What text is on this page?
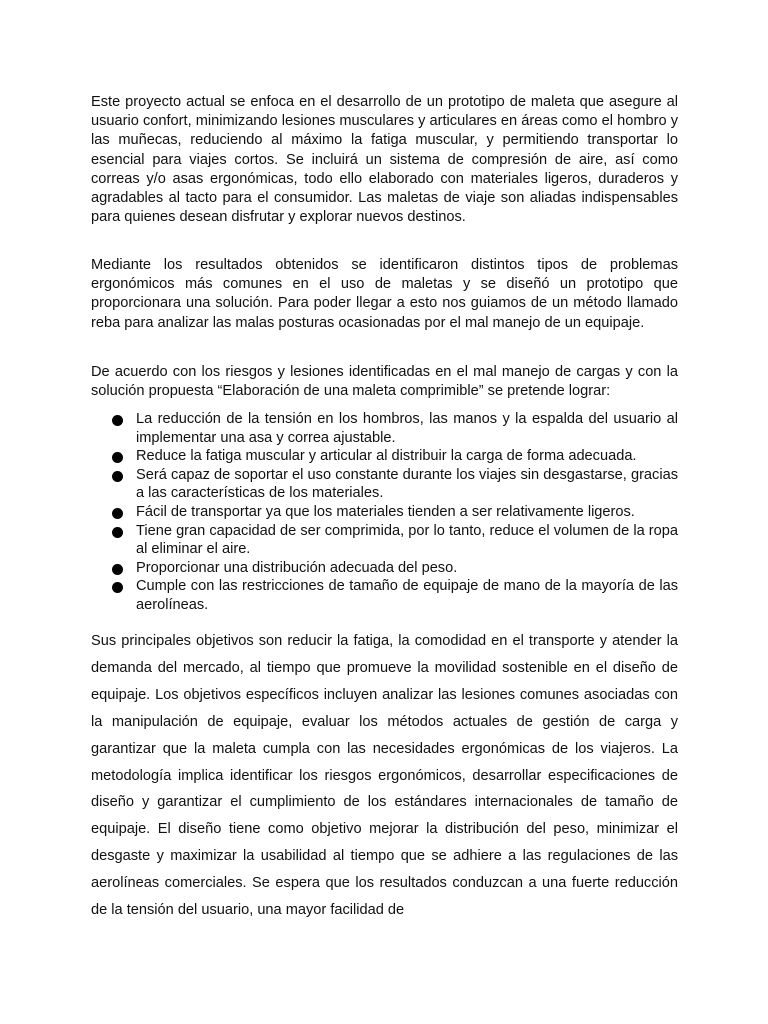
Este proyecto actual se enfoca en el desarrollo de un prototipo de maleta que asegure al usuario confort, minimizando lesiones musculares y articulares en áreas como el hombro y las muñecas, reduciendo al máximo la fatiga muscular, y permitiendo transportar lo esencial para viajes cortos. Se incluirá un sistema de compresión de aire, así como correas y/o asas ergonómicas, todo ello elaborado con materiales ligeros, duraderos y agradables al tacto para el consumidor. Las maletas de viaje son aliadas indispensables para quienes desean disfrutar y explorar nuevos destinos.

Mediante los resultados obtenidos se identificaron distintos tipos de problemas ergonómicos más comunes en el uso de maletas y se diseñó un prototipo que proporcionara una solución. Para poder llegar a esto nos guiamos de un método llamado reba para analizar las malas posturas ocasionadas por el mal manejo de un equipaje.

De acuerdo con los riesgos y lesiones identificadas en el mal manejo de cargas y con la solución propuesta “Elaboración de una maleta comprimible” se pretende lograr:

La reducción de la tensión en los hombros, las manos y la espalda del usuario al implementar una asa y correa ajustable.
Reduce la fatiga muscular y articular al distribuir la carga de forma adecuada.
Será capaz de soportar el uso constante durante los viajes sin desgastarse, gracias a las características de los materiales.
Fácil de transportar ya que los materiales tienden a ser relativamente ligeros.
Tiene gran capacidad de ser comprimida, por lo tanto, reduce el volumen de la ropa al eliminar el aire.
Proporcionar una distribución adecuada del peso.
Cumple con las restricciones de tamaño de equipaje de mano de la mayoría de las aerolíneas.

Sus principales objetivos son reducir la fatiga, la comodidad en el transporte y atender la demanda del mercado, al tiempo que promueve la movilidad sostenible en el diseño de equipaje. Los objetivos específicos incluyen analizar las lesiones comunes asociadas con la manipulación de equipaje, evaluar los métodos actuales de gestión de carga y garantizar que la maleta cumpla con las necesidades ergonómicas de los viajeros. La metodología implica identificar los riesgos ergonómicos, desarrollar especificaciones de diseño y garantizar el cumplimiento de los estándares internacionales de tamaño de equipaje. El diseño tiene como objetivo mejorar la distribución del peso, minimizar el desgaste y maximizar la usabilidad al tiempo que se adhiere a las regulaciones de las aerolíneas comerciales. Se espera que los resultados conduzcan a una fuerte reducción de la tensión del usuario, una mayor facilidad de
